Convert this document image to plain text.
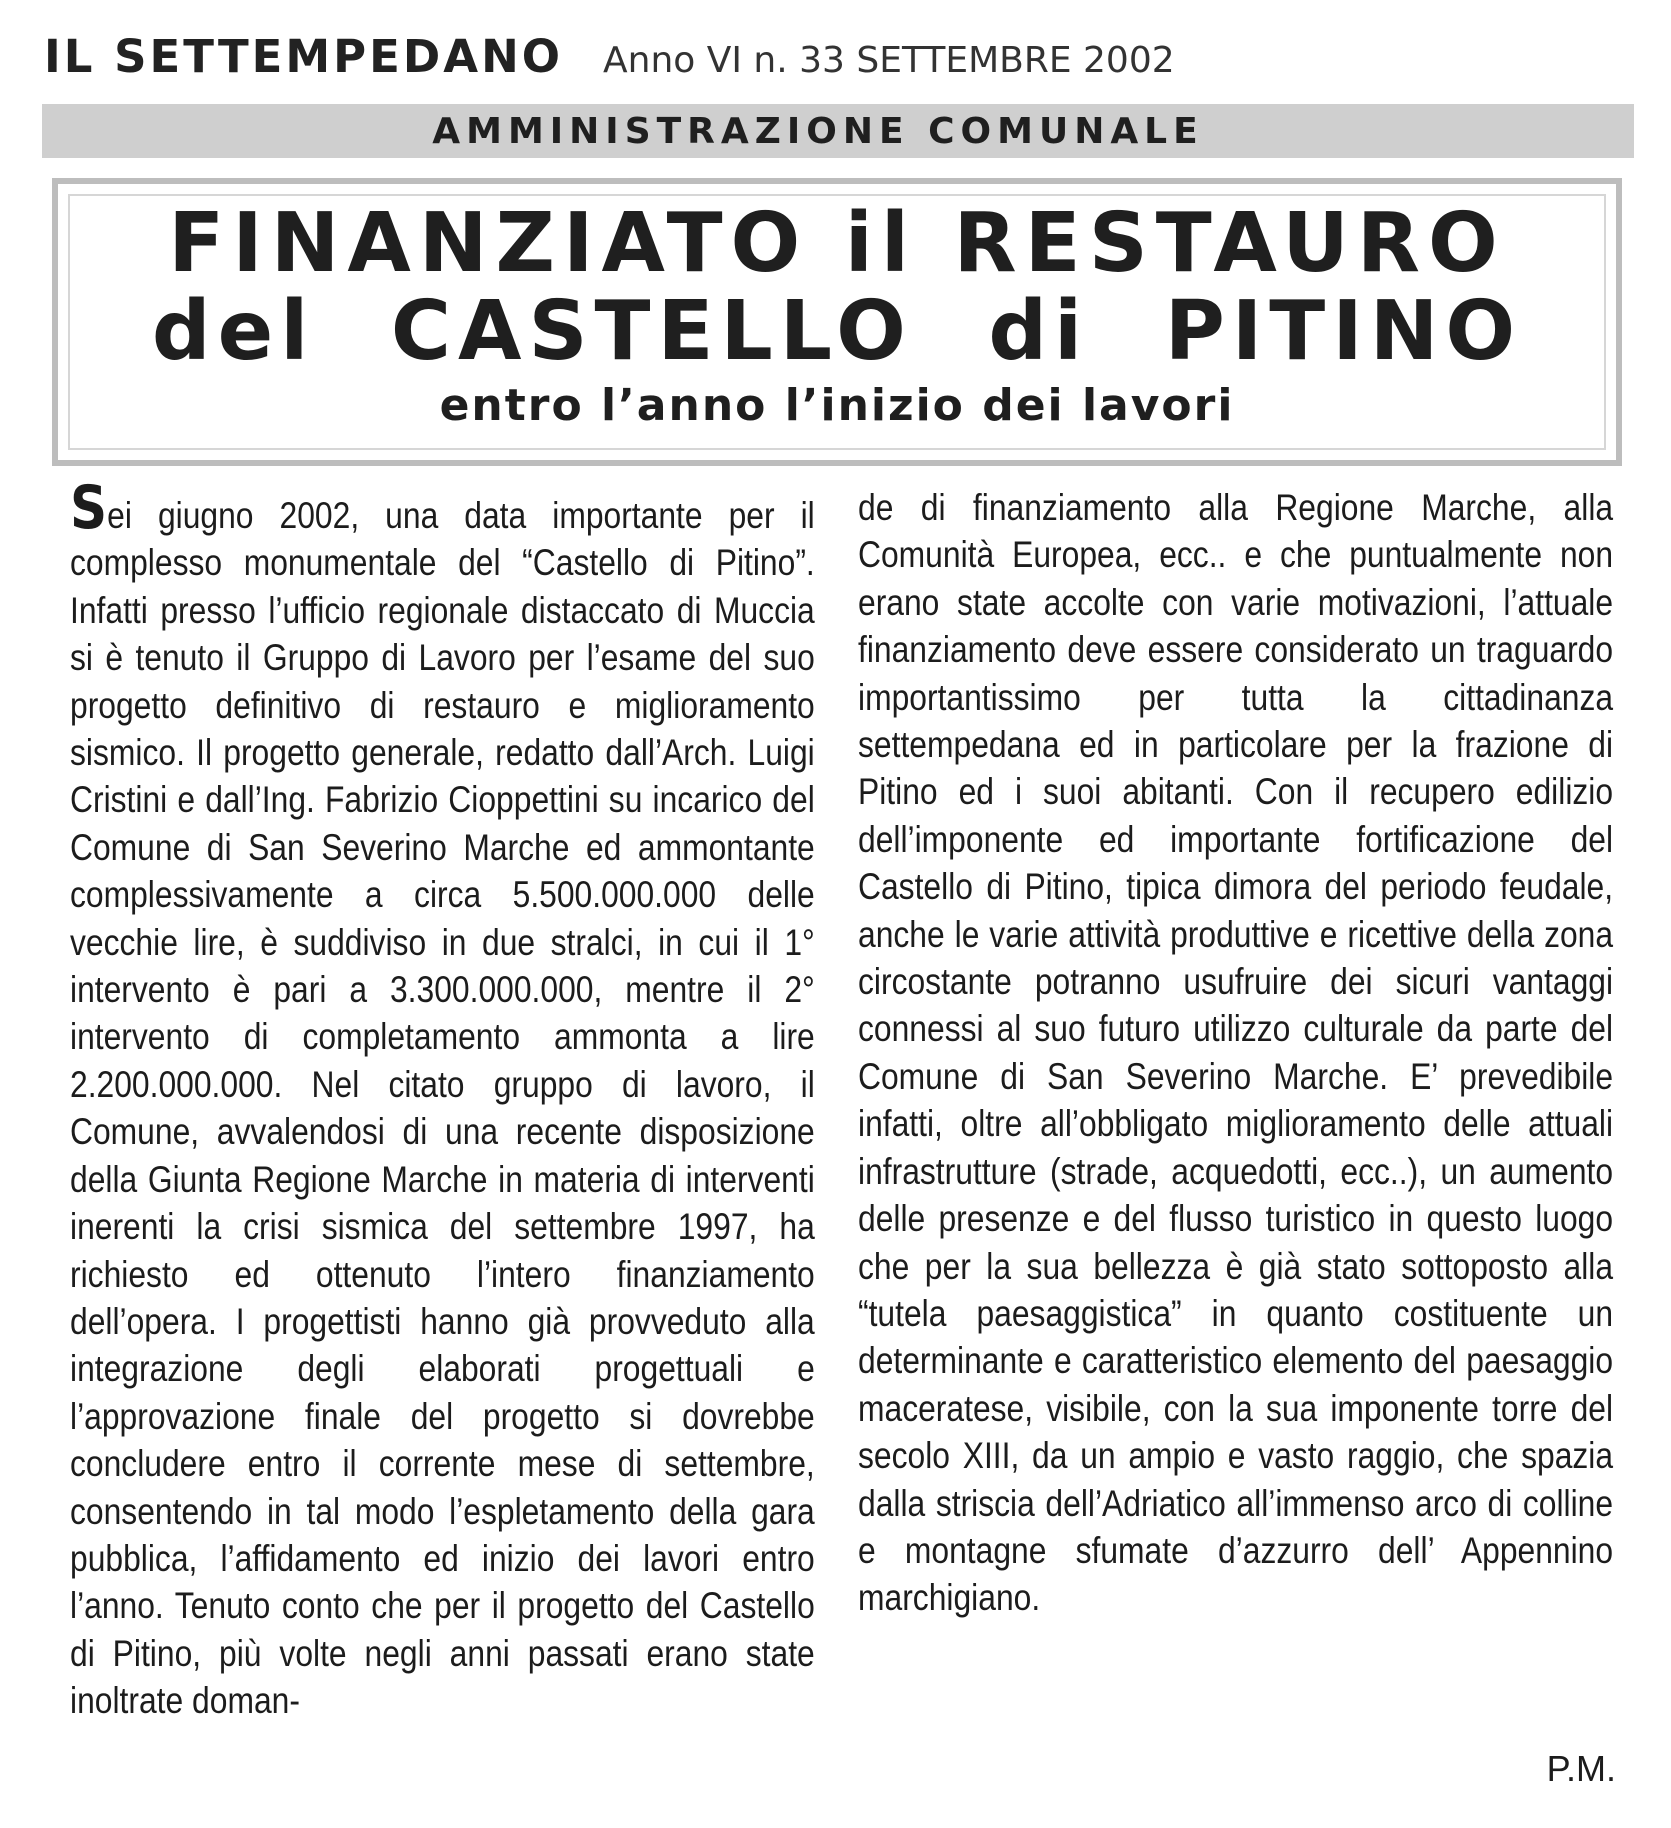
IL SETTEMPEDANO Anno VI n. 33 SETTEMBRE 2002
AMMINISTRAZIONE COMUNALE
FINANZIATO il RESTAURO
del CASTELLO di PITINO
entro l’anno l’inizio dei lavori

Sei giugno 2002, una data importante per il complesso monumentale del “Castello di Pitino”. Infatti presso l’ufficio regionale distaccato di Muccia si è tenuto il Gruppo di Lavoro per l’esame del suo progetto definitivo di restauro e miglioramento sismico. Il progetto generale, redatto dall’Arch. Luigi Cristini e dall’Ing. Fabrizio Cioppettini su incarico del Comune di San Severino Marche ed ammontante complessivamente a circa 5.500.000.000 delle vecchie lire, è suddiviso in due stralci, in cui il 1° intervento è pari a 3.300.000.000, mentre il 2° intervento di completamento ammonta a lire 2.200.000.000. Nel citato gruppo di lavoro, il Comune, avvalendosi di una recente disposizione della Giunta Regione Marche in materia di interventi inerenti la crisi sismica del settembre 1997, ha richiesto ed ottenuto l’intero finanziamento dell’opera. I progettisti hanno già provveduto alla integrazione degli elaborati progettuali e l’approvazione finale del progetto si dovrebbe concludere entro il corrente mese di settembre, consentendo in tal modo l’espletamento della gara pubblica, l’affidamento ed inizio dei lavori entro l’anno. Tenuto conto che per il progetto del Castello di Pitino, più volte negli anni passati erano state inoltrate doman-

de di finanziamento alla Regione Marche, alla Comunità Europea, ecc.. e che puntualmente non erano state accolte con varie motivazioni, l’attuale finanziamento deve essere considerato un traguardo importantissimo per tutta la cittadinanza settempedana ed in particolare per la frazione di Pitino ed i suoi abitanti. Con il recupero edilizio dell’imponente ed importante fortificazione del Castello di Pitino, tipica dimora del periodo feudale, anche le varie attività produttive e ricettive della zona circostante potranno usufruire dei sicuri vantaggi connessi al suo futuro utilizzo culturale da parte del Comune di San Severino Marche. E’ prevedibile infatti, oltre all’obbligato miglioramento delle attuali infrastrutture (strade, acquedotti, ecc..), un aumento delle presenze e del flusso turistico in questo luogo che per la sua bellezza è già stato sottoposto alla “tutela paesaggistica” in quanto costituente un determinante e caratteristico elemento del paesaggio maceratese, visibile, con la sua imponente torre del secolo XIII, da un ampio e vasto raggio, che spazia dalla striscia dell’Adriatico all’immenso arco di colline e montagne sfumate d’azzurro dell’ Appennino marchigiano.

P.M.
